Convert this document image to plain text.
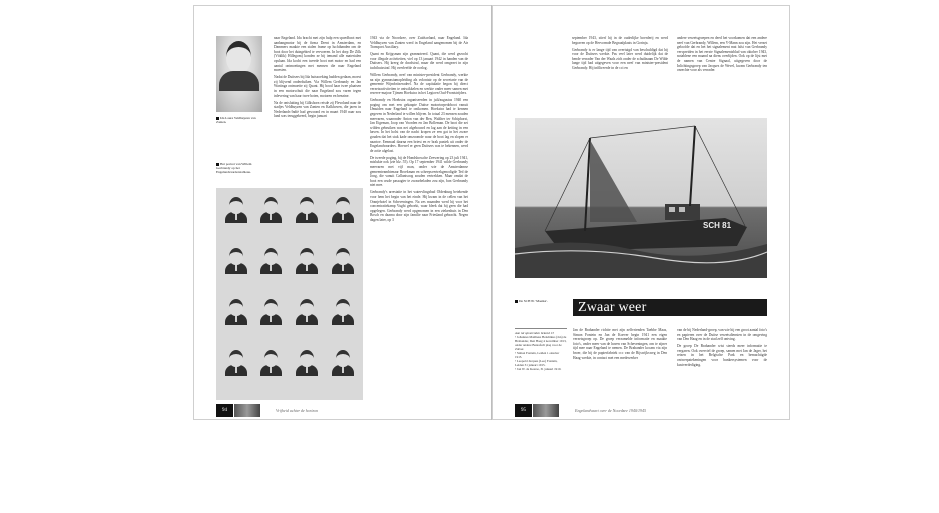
Ida Laura Veldhuyzen van Zanten.
Het portret van Willem Gerbrandy op het Engelandvaarderstableau.

naar Engeland. Ida bracht met zijn hulp een spoedboot met aanhangmotor bij de firma Drent in Amsterdam, en Dammers maakte een stalen frame op luchtbanden om de boot door het duingebied te vervoeren. In het dorp De Zilk (Vöklik) Hillegom) konden ze bij iemand alle materialen opslaan. Ida kocht een tweede boot met motor en had een aantal ontmoetingen met mensen die naar Engeland moesten.

Nadat de Duitsers bij Ida huiszoeking hadden gedaan, moest zij blijvend onderduiken. Via Willem Gerbrandy en Jan Wartinga ontmoette zij Quant. Hij bood haar twee plaatsen in een motorschuit die naar Engeland zou varen tegen inlevering van haar twee boten, motoren en benzine.

Na de ontsluiting bij Gilkshorn reisde zij Flevoland naar de stadjes Veldhuyzen van Zanten en Kalkhoven, die jaren in Nederlands-Indië had gewoond en in maart 1940 naar zou land was teruggekeerd, begin januari

1943 via de Noordzee, over Zuidsorland, naar Engeland. Ida Veldhuyzen van Zanten werd in Engeland aangenomen bij de Air Transport Auxiliary.

Quant en Krijgsman zijn geannoteerd. Quant, die werd gezocht voor illegale activiteiten, viel op 13 januari 1942 in handen van de Duitsers. Hij kreeg de doodstraf, maar die werd omgezet in zijn tuchthuisstraf. Hij overleefde de oorlog.

Willem Gerbrandy, neef van minister-president Gerbrandy, werkte na zijn gymnasiumopleiding als volontair op de secretarie van de gemeente Wijmbritseradeel. Na de capitulatie begon hij direct verzetsactiviteiten te ontwikkelen en werkte onder meer samen met reserve-majoor Tjimen Hoekstra in het Legioen Oud-Frontstrijders.

Gerbrandy en Hoekstra organiseerden in juli/augustus 1940 een poging om met een gekaapte Duitse motortorpedoboot vanuit IJmuiden naar Engeland te ontkomen. Hoekstra had te kennen gegeven in Nederland te willen blijven. In totaal 23 mensen zouden meevaren, waaronder Anton van der Ben, Walther ter Schiphorst, Jan Eigeman, Joop van Voorden en Jan Bolleman. De boot die zei wilden gebruiken was net afgebouwd en lag aan de ketting in een haven. In het holst van de nacht kropen ze een gat in het zware gouden dat het stuk kade omzoomde waar de boot lag en slopen er naartoe. Eenmaal daarna een briest en er brak paniek uit onder de Engelandvaarders. Hoewel er geen Duitsers was te bekennen, werd de actie afgelast.

De tweede poging, bij de Hondsbossche Zeewering op 23 juli 1941, mislukte ook (zie blz. 55). Op 17 september 1941 wilde Gerbrandy meevaren met vijf man, onder wie de Amsterdamse gemeenteambtenaar Broekman en scheepsvertrekgenodigde Ted de Jong, die vanuit Callantsoog zouden vertrekken. Maar omdat de boot een crude passagier te zwaarbeladen zou zijn, bon Gerbrandy niet mee.

Gerbrandy's arrestatie in het watervlingsbad Oldenburg betekende voor hem het begin van het einde. Hij kwam in de cellen van het Oranjehotel in Scheveningen. Na zes maanden werd hij voor het concentratiekamp Vught geboekt, waar bleek dat hij geen die had opgelegen. Gerbrandy werd opgenomen in een ziekenhuis in Den Bosch en daarna door zijn familie naar Friesland gebracht. Negen dagen later, op 3

94	Vrijheid achter de horizon

september 1943, stierf hij in de ouderlijke boerderij en werd begraven op de Hervormde Begraafplaats in Gorinja.

Gerbrandy is er lange tijd van overtuigd van beschuldigd dat hij voor de Duitsers werkte. Pas veel later werd duidelijk dat de bende verrader Van der Waals zich onder de schuilnaam De Wilde lange tijd had uitgegeven voor een neef van minister-president Gerbrandy. Hij infiltreerde in de cci en

andere verzetsgroepen en deed het voorkomen dat een andere neef van Gerbrandy, Willem, een V-Mann zou zijn. Het verzet geloofde dat en het het signalement mat falsi van Gerbrandy verspreiden in het eerste Signalementsblad van oktober 1943, notablene een maand na diens overlijden. Ook op de lijst met de namen van Centre Signaal, uitgegeven door de Inlichtingsgroep van Jacques de Wevel, kwam Gerbrandy ten onrechte voor als verrader.

SCH 81
De SCH 81 'Maeika'.	Zwaar weer
Aan tal opvarenden bekend 13
• Johannes Mattheus Hendrikus (Jan) de Brabander, Den Haag 4 november 1913, onder andere Bataafsch plaq voor de Zuiver.
• Simon Fontein, Leiden 1 oktober 1915.
• Leopold Jacques (Leo) Fontein, Leiden 31 januari 1915.
• Jan W. de Keerse, 31 januari 1910.

Jan de Brabander richtte met zijn zelfvrienden Taebbe Maas, Simon Fontein en Jan de Koever begin 1941 een eigen verzetsgroep op. De groep verzamelde informatie en maakte foto's, onder meer van de haven van Scheveningen, om te zijner tijd mee naar Engeland te nemen. De Brabander kocam via zijn broer, die bij de papierfabriek ccc van de Rijswijksweg in Den Haag werkte, in contact met een medewerker

van de bij Nederland-groep, van wie hij een groot aantal foto's en papieren over de Duitse verzetsdiensten in de omgeving van Den Haag en in de stad zelf ontving.

De groep De Brabander wist steeds meer informatie te vergaren. Ook overviel de groep, samen met Jan de Jager, het reizen in het Belgische Park en bemachtigde ontwerpatekeningen voor bunkersystemen voor de kustverdediging.

95	Engelandvaart over de Noordzee 1940/1945
